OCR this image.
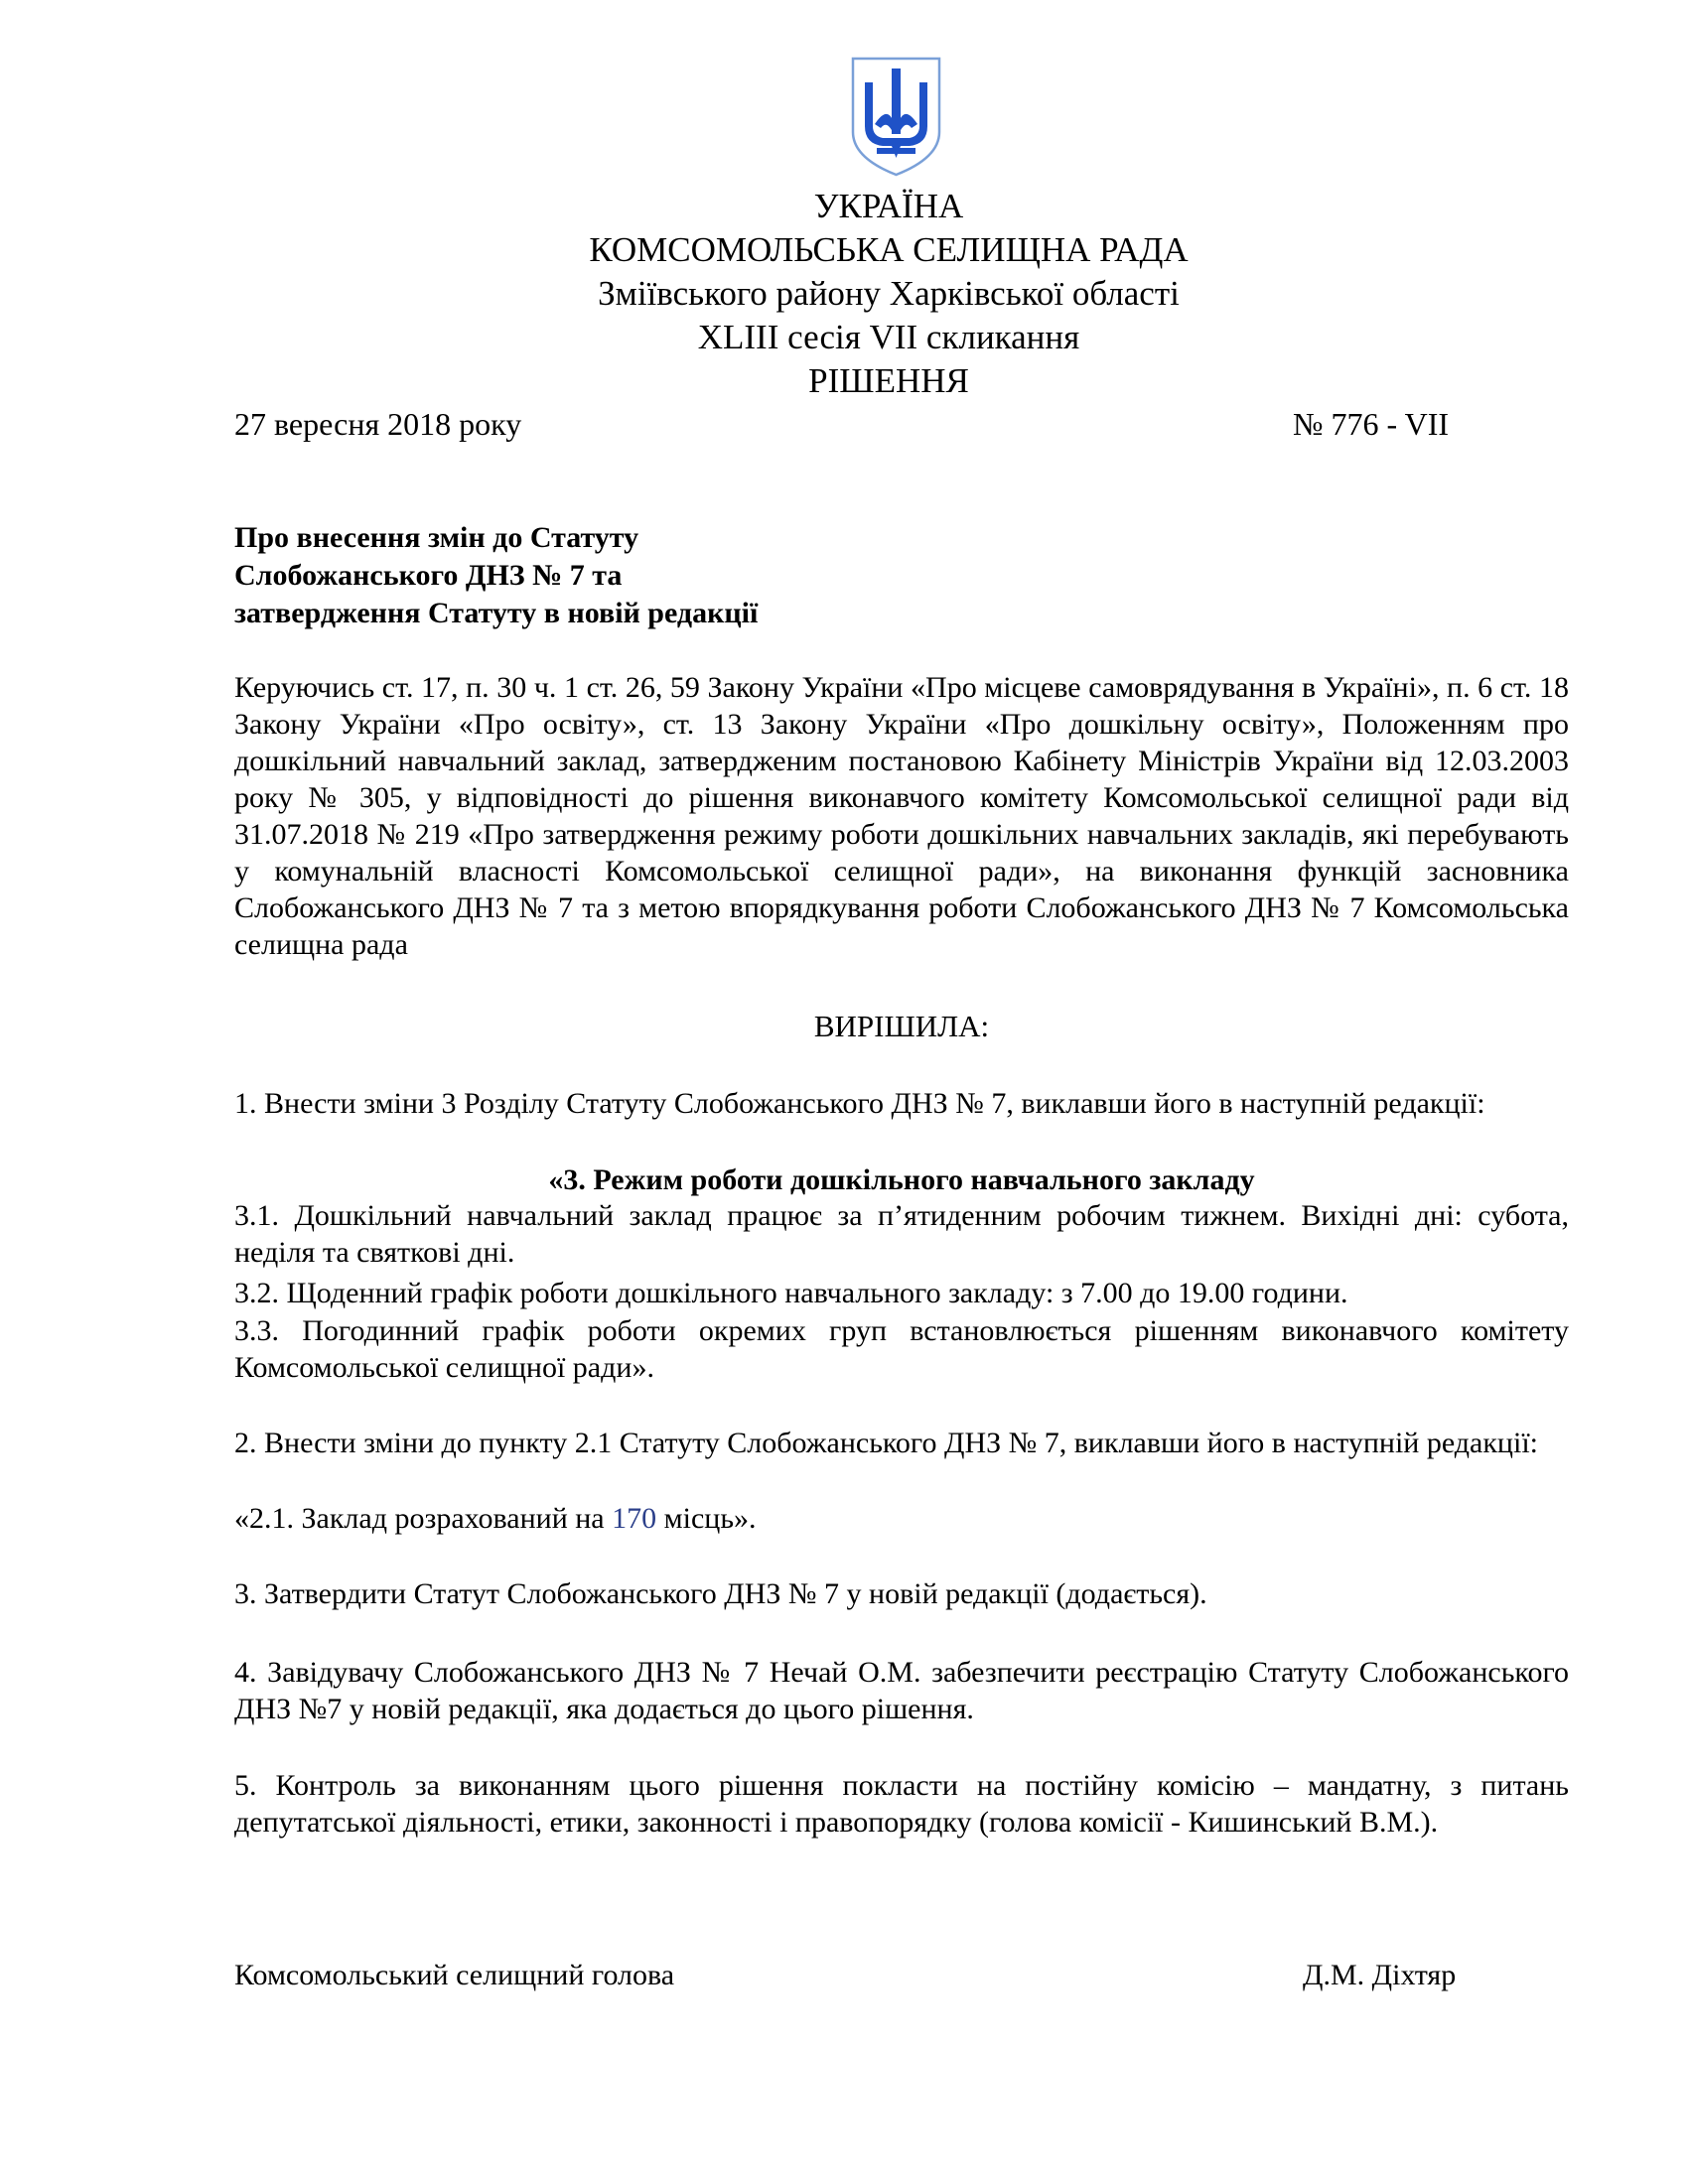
УКРАЇНА
КОМСОМОЛЬСЬКА СЕЛИЩНА РАДА
Зміївського району Харківської області
XLIII сесія VII скликання
РІШЕННЯ
27 вересня 2018 року	№ 776 - VII
Про внесення змін до Статуту
Слобожанського ДНЗ № 7 та
затвердження Статуту в новій редакції
Керуючись ст. 17, п. 30 ч. 1 ст. 26, 59 Закону України «Про місцеве самоврядування в Україні», п. 6 ст. 18 Закону України «Про освіту», ст. 13 Закону України «Про дошкільну освіту», Положенням про дошкільний навчальний заклад, затвердженим постановою Кабінету Міністрів України від 12.03.2003 року № 305, у відповідності до рішення виконавчого комітету Комсомольської селищної ради від 31.07.2018 № 219 «Про затвердження режиму роботи дошкільних навчальних закладів, які перебувають у комунальній власності Комсомольської селищної ради», на виконання функцій засновника Слобожанського ДНЗ № 7 та з метою впорядкування роботи Слобожанського ДНЗ № 7 Комсомольська селищна рада
ВИРІШИЛА:
1. Внести зміни 3 Розділу Статуту Слобожанського ДНЗ № 7, виклавши його в наступній редакції:
«3. Режим роботи дошкільного навчального закладу
3.1. Дошкільний навчальний заклад працює за п’ятиденним робочим тижнем. Вихідні дні: субота, неділя та святкові дні.
3.2. Щоденний графік роботи дошкільного навчального закладу: з 7.00 до 19.00 години.
3.3. Погодинний графік роботи окремих груп встановлюється рішенням виконавчого комітету Комсомольської селищної ради».
2. Внести зміни до пункту 2.1 Статуту Слобожанського ДНЗ № 7, виклавши його в наступній редакції:
«2.1. Заклад розрахований на 170 місць».
3. Затвердити Статут Слобожанського ДНЗ № 7 у новій редакції (додається).
4. Завідувачу Слобожанського ДНЗ № 7 Нечай О.М. забезпечити реєстрацію Статуту Слобожанського ДНЗ №7 у новій редакції, яка додається до цього рішення.
5. Контроль за виконанням цього рішення покласти на постійну комісію – мандатну, з питань депутатської діяльності, етики, законності і правопорядку (голова комісії - Кишинський В.М.).
Комсомольський селищний голова	Д.М. Діхтяр
